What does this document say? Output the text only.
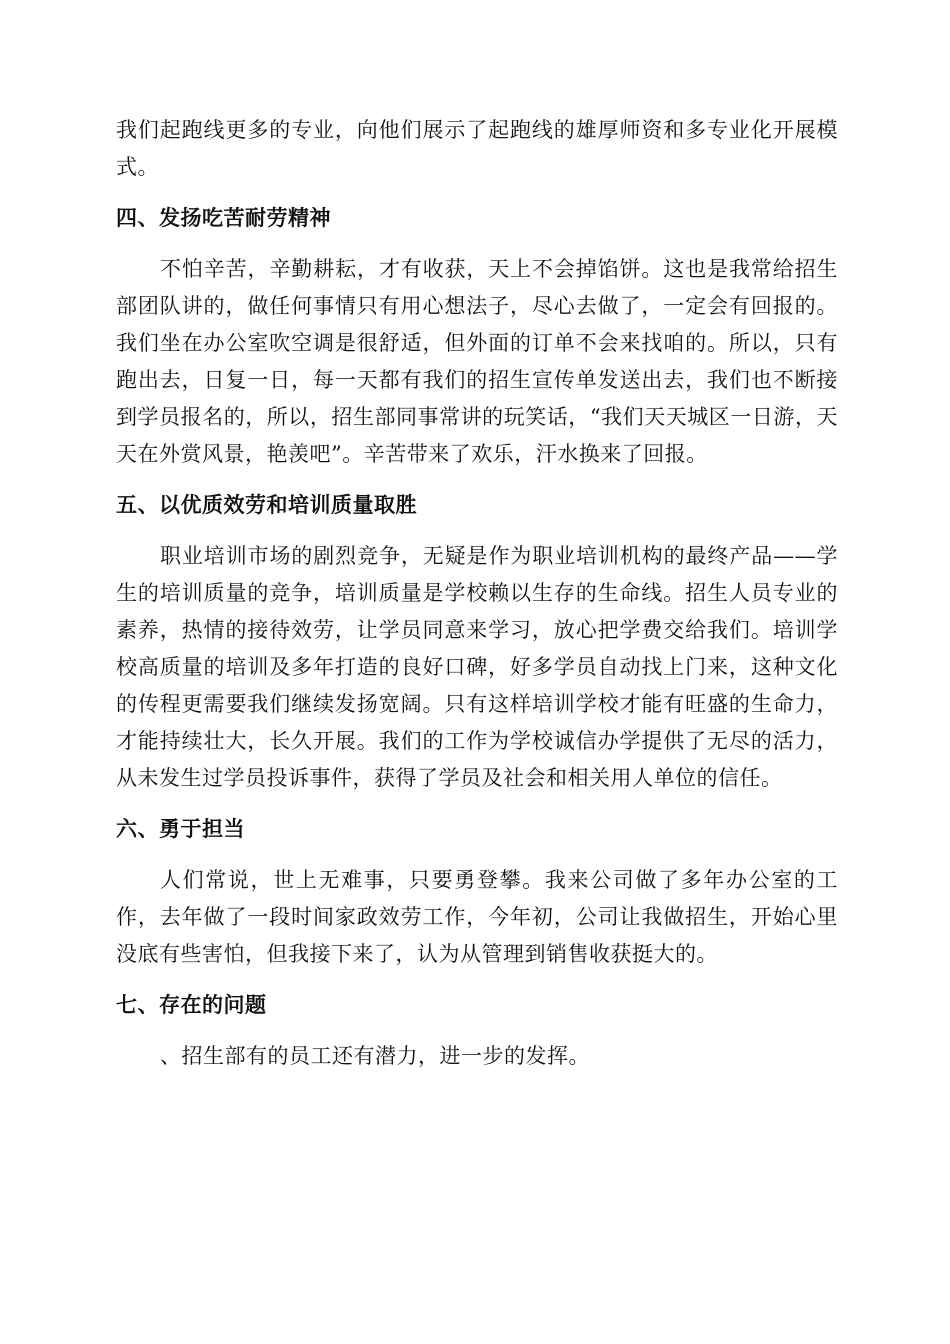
我们起跑线更多的专业，向他们展示了起跑线的雄厚师资和多专业化开展模式。

四、发扬吃苦耐劳精神

不怕辛苦，辛勤耕耘，才有收获，天上不会掉馅饼。这也是我常给招生部团队讲的，做任何事情只有用心想法子，尽心去做了，一定会有回报的。我们坐在办公室吹空调是很舒适，但外面的订单不会来找咱的。所以，只有跑出去，日复一日，每一天都有我们的招生宣传单发送出去，我们也不断接到学员报名的，所以，招生部同事常讲的玩笑话，“我们天天城区一日游，天天在外赏风景，艳羡吧”。辛苦带来了欢乐，汗水换来了回报。

五、以优质效劳和培训质量取胜

职业培训市场的剧烈竞争，无疑是作为职业培训机构的最终产品——学生的培训质量的竞争，培训质量是学校赖以生存的生命线。招生人员专业的素养，热情的接待效劳，让学员同意来学习，放心把学费交给我们。培训学校高质量的培训及多年打造的良好口碑，好多学员自动找上门来，这种文化的传程更需要我们继续发扬宽阔。只有这样培训学校才能有旺盛的生命力，才能持续壮大，长久开展。我们的工作为学校诚信办学提供了无尽的活力，从未发生过学员投诉事件，获得了学员及社会和相关用人单位的信任。

六、勇于担当

人们常说，世上无难事，只要勇登攀。我来公司做了多年办公室的工作，去年做了一段时间家政效劳工作，今年初，公司让我做招生，开始心里没底有些害怕，但我接下来了，认为从管理到销售收获挺大的。

七、存在的问题

、招生部有的员工还有潜力，进一步的发挥。
